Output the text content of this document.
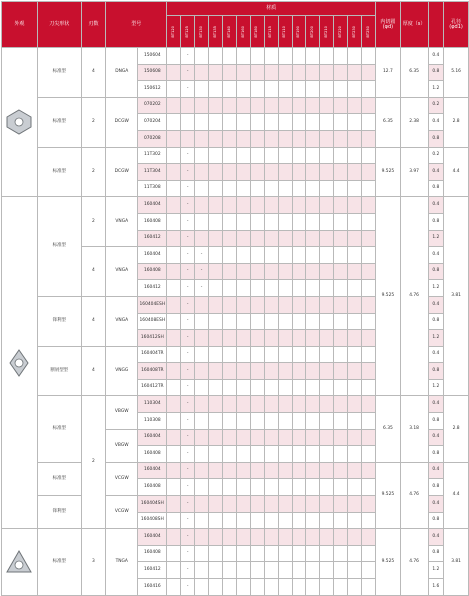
外观	刀尖形状	刃数	型号		材质															内切圆
(φd)	厚度（s）		孔径
(φd1)
					BT120	BT125	BT130	BT135	BT140	BT160	BT180	BT115	BT110	BT190	BT200	BT210	BT220	BT230	BT250				

	标准型	4	DNGA	150604		-														12.7	6.35	0.4	5.16
				150608		-																0.8	
				150612		-																1.2	
	标准型	2	DCGW	070202																6.35	2.38	0.2	2.8
				070204																		0.4	
				070208																		0.8	
	标准型	2	DCGW	11T302		-														9.525	3.97	0.2	4.4
				11T304		-																0.4	
				11T308		-																0.8	

	标准型	2	VNGA	160404		-														9.525	4.76	0.4	3.81
				160408		-																0.8	
				160412		-																1.2	
		4	VNGA	160404		-	-															0.4	
				160408		-	-															0.8	
				160412		-	-															1.2	
	锋利型	4	VNGA	160404ESH		-																0.4	
				160408ESH		-																0.8	
				160412SH		-																1.2	
	断屑型型	4	VNGG	160404TR		-																0.4	
				160408TR		-																0.8	
				160412TR		-																1.2	
	标准型	2	VBGW	110304		-														6.35	3.18	0.4	2.8
				110308		-																0.8	
			VBGW	160404		-																0.4	
				160408		-																0.8	
	标准型		VCGW	160404		-														9.525	4.76	0.4	4.4
				160408		-																0.8	
	锋利型		VCGW	160404SH		-																0.4	
				160408SH		-																0.8	

	标准型	3	TNGA	160404		-														9.525	4.76	0.4	3.81
				160408		-																0.8	
				160412		-																1.2	
				160416		-																1.6	
